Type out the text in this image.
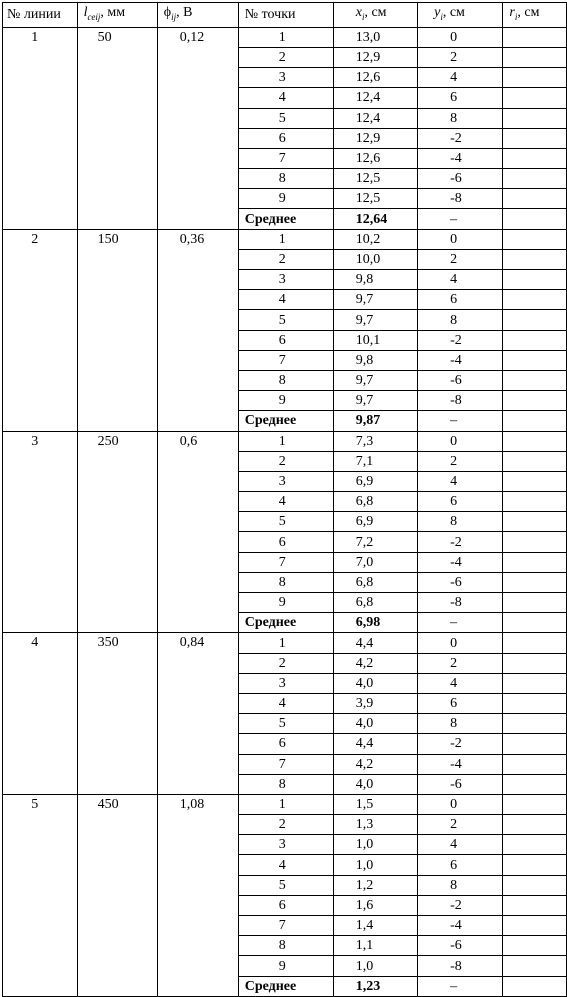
№ линии	$l_{сеij}$, мм	$\phi_{ij}$, В	№ точки	$x_i$, см	$y_i$, см	$r_i$, см
1	50	0,12	1	13,0	0	
			2	12,9	2	
			3	12,6	4	
			4	12,4	6	
			5	12,4	8	
			6	12,9	-2	
			7	12,6	-4	
			8	12,5	-6	
			9	12,5	-8	
			Среднее	12,64	–	
2	150	0,36	1	10,2	0	
			2	10,0	2	
			3	9,8	4	
			4	9,7	6	
			5	9,7	8	
			6	10,1	-2	
			7	9,8	-4	
			8	9,7	-6	
			9	9,7	-8	
			Среднее	9,87	–	
3	250	0,6	1	7,3	0	
			2	7,1	2	
			3	6,9	4	
			4	6,8	6	
			5	6,9	8	
			6	7,2	-2	
			7	7,0	-4	
			8	6,8	-6	
			9	6,8	-8	
			Среднее	6,98	–	
4	350	0,84	1	4,4	0	
			2	4,2	2	
			3	4,0	4	
			4	3,9	6	
			5	4,0	8	
			6	4,4	-2	
			7	4,2	-4	
			8	4,0	-6	
5	450	1,08	1	1,5	0	
			2	1,3	2	
			3	1,0	4	
			4	1,0	6	
			5	1,2	8	
			6	1,6	-2	
			7	1,4	-4	
			8	1,1	-6	
			9	1,0	-8	
			Среднее	1,23	–	
